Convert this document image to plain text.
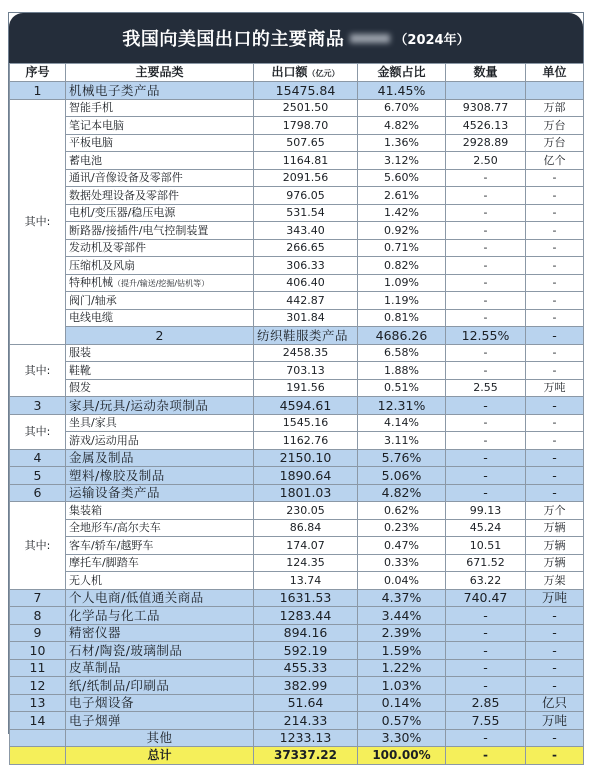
我国向美国出口的主要商品	（2024年）
序号	主要品类	出口额（亿元）	金额占比	数量	单位	
1	机械电子类产品	15475.84	41.45%			
其中:	智能手机	2501.50	6.70%	9308.77	万部	
	笔记本电脑	1798.70	4.82%	4526.13	万台	
	平板电脑	507.65	1.36%	2928.89	万台	
	蓄电池	1164.81	3.12%	2.50	亿个	
	通讯/音像设备及零部件	2091.56	5.60%	-	-	
	数据处理设备及零部件	976.05	2.61%	-	-	
	电机/变压器/稳压电源	531.54	1.42%	-	-	
	断路器/接插件/电气控制装置	343.40	0.92%	-	-	
	发动机及零部件	266.65	0.71%	-	-	
	压缩机及风扇	306.33	0.82%	-	-	
	特种机械（提升/输送/挖掘/钻机等）	406.40	1.09%	-	-	
	阀门/轴承	442.87	1.19%	-	-	
	电线电缆	301.84	0.81%	-	-	
	2	纺织鞋服类产品	4686.26	12.55%	-	
其中:	服装	2458.35	6.58%	-	-	
	鞋靴	703.13	1.88%	-	-	
	假发	191.56	0.51%	2.55	万吨	
3	家具/玩具/运动杂项制品	4594.61	12.31%	-	-	
其中:	坐具/家具	1545.16	4.14%	-	-	
	游戏/运动用品	1162.76	3.11%	-	-	
4	金属及制品	2150.10	5.76%	-	-	
5	塑料/橡胶及制品	1890.64	5.06%	-	-	
6	运输设备类产品	1801.03	4.82%	-	-	
其中:	集装箱	230.05	0.62%	99.13	万个	
	全地形车/高尔夫车	86.84	0.23%	45.24	万辆	
	客车/轿车/越野车	174.07	0.47%	10.51	万辆	
	摩托车/脚踏车	124.35	0.33%	671.52	万辆	
	无人机	13.74	0.04%	63.22	万架	
7	个人电商/低值通关商品	1631.53	4.37%	740.47	万吨	
8	化学品与化工品	1283.44	3.44%	-	-	
9	精密仪器	894.16	2.39%	-	-	
10	石材/陶瓷/玻璃制品	592.19	1.59%	-	-	
11	皮革制品	455.33	1.22%	-	-	
12	纸/纸制品/印刷品	382.99	1.03%	-	-	
13	电子烟设备	51.64	0.14%	2.85	亿只	
14	电子烟弹	214.33	0.57%	7.55	万吨	
	其他	1233.13	3.30%	-	-	
	总计	37337.22	100.00%	-	-	
